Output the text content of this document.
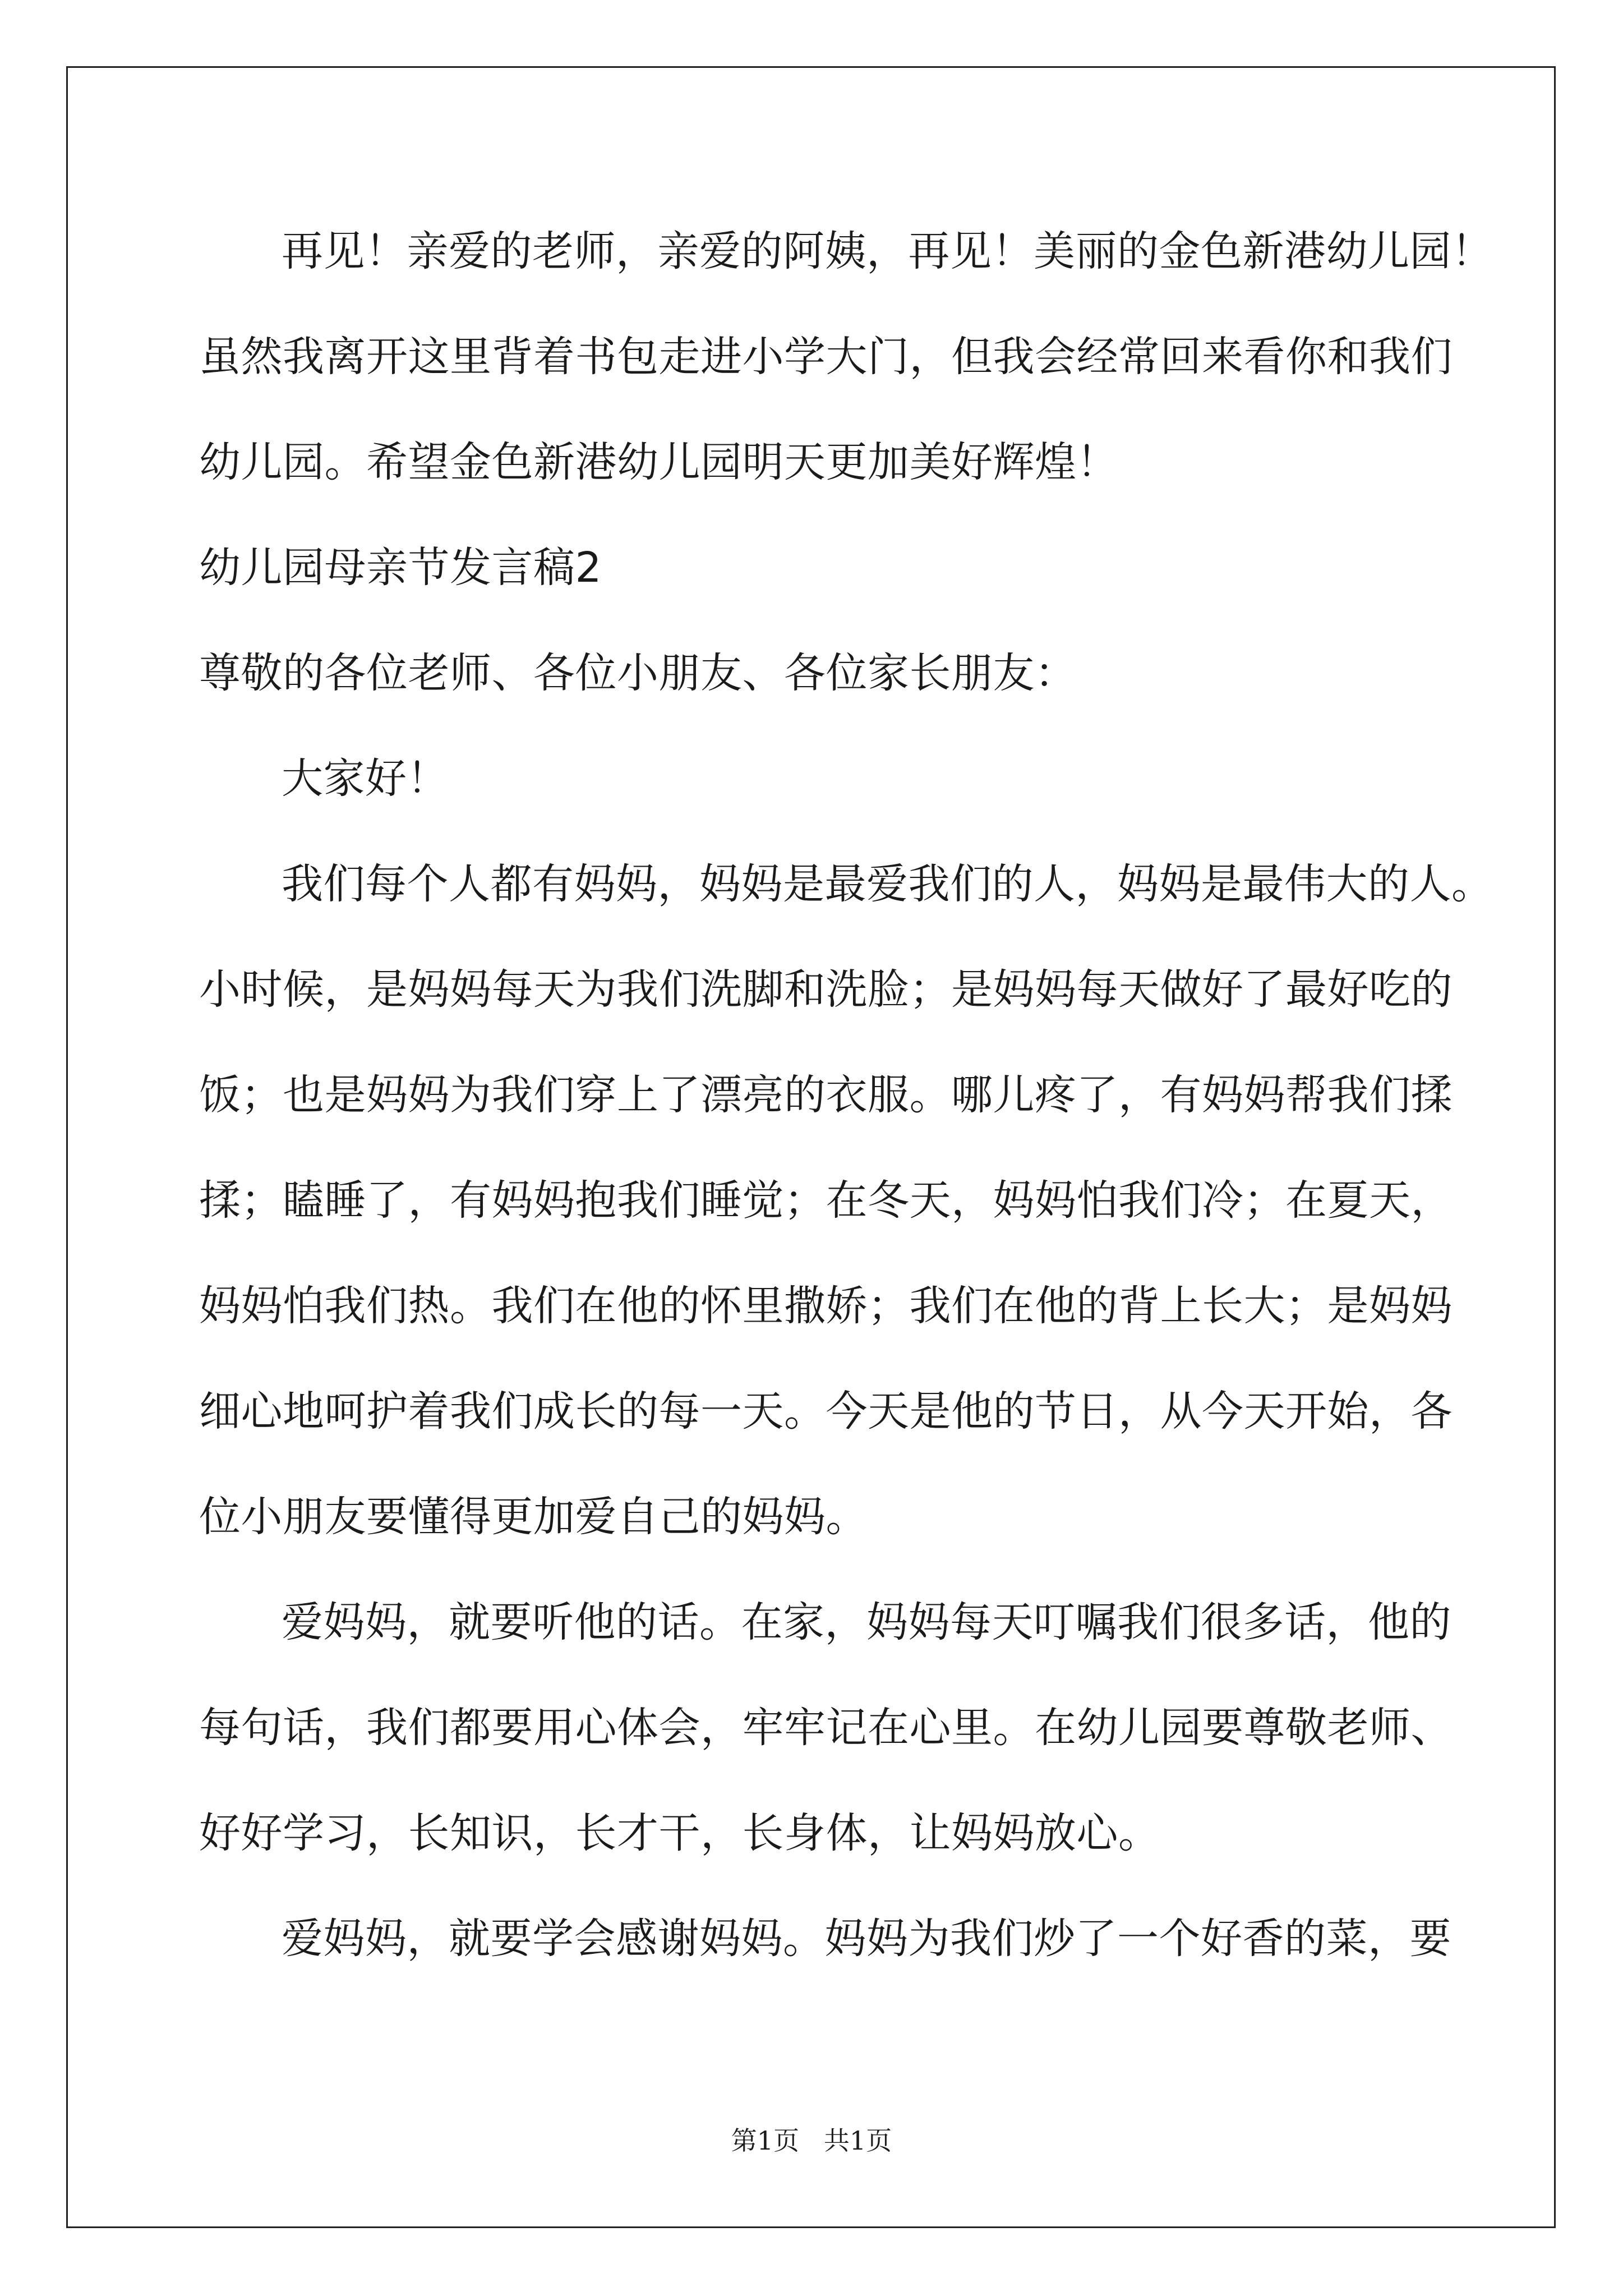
再见！亲爱的老师，亲爱的阿姨，再见！美丽的金色新港幼儿园！

虽然我离开这里背着书包走进小学大门，但我会经常回来看你和我们

幼儿园。希望金色新港幼儿园明天更加美好辉煌！

幼儿园母亲节发言稿2

尊敬的各位老师、各位小朋友、各位家长朋友：

大家好！

我们每个人都有妈妈，妈妈是最爱我们的人，妈妈是最伟大的人。

小时候，是妈妈每天为我们洗脚和洗脸；是妈妈每天做好了最好吃的

饭；也是妈妈为我们穿上了漂亮的衣服。哪儿疼了，有妈妈帮我们揉

揉；瞌睡了，有妈妈抱我们睡觉；在冬天，妈妈怕我们冷；在夏天，

妈妈怕我们热。我们在他的怀里撒娇；我们在他的背上长大；是妈妈

细心地呵护着我们成长的每一天。今天是他的节日，从今天开始，各

位小朋友要懂得更加爱自己的妈妈。

爱妈妈，就要听他的话。在家，妈妈每天叮嘱我们很多话，他的

每句话，我们都要用心体会，牢牢记在心里。在幼儿园要尊敬老师、

好好学习，长知识，长才干，长身体，让妈妈放心。

爱妈妈，就要学会感谢妈妈。妈妈为我们炒了一个好香的菜，要

第1页   共1页
